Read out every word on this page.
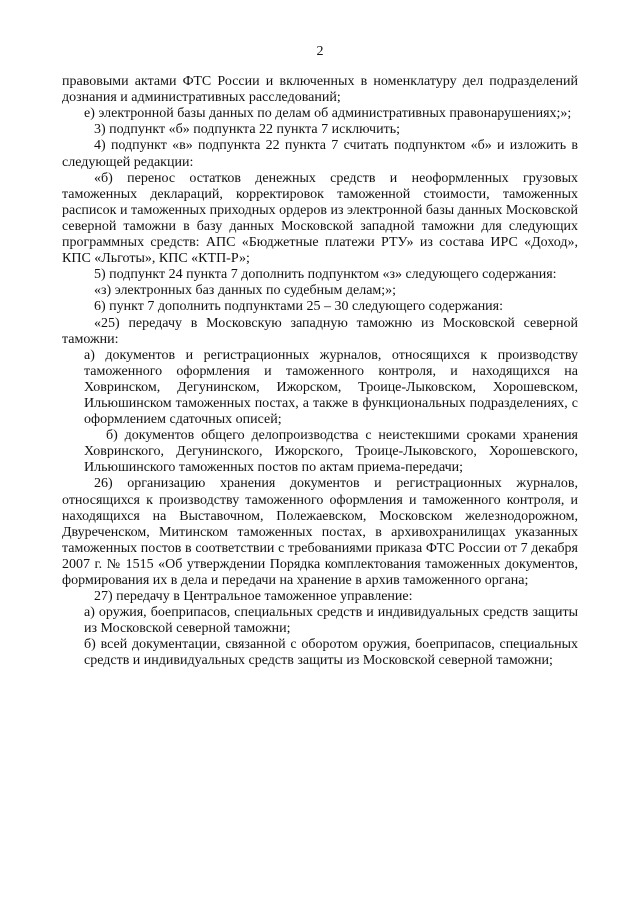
2

правовыми актами ФТС России и включенных в номенклатуру дел подразделений дознания и административных расследований;

е) электронной базы данных по делам об административных правонарушениях;»;

3) подпункт «б» подпункта 22 пункта 7 исключить;

4) подпункт «в» подпункта 22 пункта 7 считать подпунктом «б» и изложить в следующей редакции:

«б) перенос остатков денежных средств и неоформленных грузовых таможенных деклараций, корректировок таможенной стоимости, таможенных расписок и таможенных приходных ордеров из электронной базы данных Московской северной таможни в базу данных Московской западной таможни для следующих программных средств: АПС «Бюджетные платежи РТУ» из состава ИРС «Доход», КПС «Льготы», КПС «КТП-Р»;

5) подпункт 24 пункта 7 дополнить подпунктом «з» следующего содержания:

«з) электронных баз данных по судебным делам;»;

6) пункт 7 дополнить подпунктами 25 – 30 следующего содержания:

«25) передачу в Московскую западную таможню из Московской северной таможни:

а) документов и регистрационных журналов, относящихся к производству таможенного оформления и таможенного контроля, и находящихся на Ховринском, Дегунинском, Ижорском, Троице-Лыковском, Хорошевском, Ильюшинском таможенных постах, а также в функциональных подразделениях, с оформлением сдаточных описей;

б) документов общего делопроизводства с неистекшими сроками хранения Ховринского, Дегунинского, Ижорского, Троице-Лыковского, Хорошевского, Ильюшинского таможенных постов по актам приема-передачи;

26) организацию хранения документов и регистрационных журналов, относящихся к производству таможенного оформления и таможенного контроля, и находящихся на Выставочном, Полежаевском, Московском железнодорожном, Двуреченском, Митинском таможенных постах, в архивохранилищах указанных таможенных постов в соответствии с требованиями приказа ФТС России от 7 декабря 2007 г. № 1515 «Об утверждении Порядка комплектования таможенных документов, формирования их в дела и передачи на хранение в архив таможенного органа;

27) передачу в Центральное таможенное управление:

а) оружия, боеприпасов, специальных средств и индивидуальных средств защиты из Московской северной таможни;

б) всей документации, связанной с оборотом оружия, боеприпасов, специальных средств и индивидуальных средств защиты из Московской северной таможни;
